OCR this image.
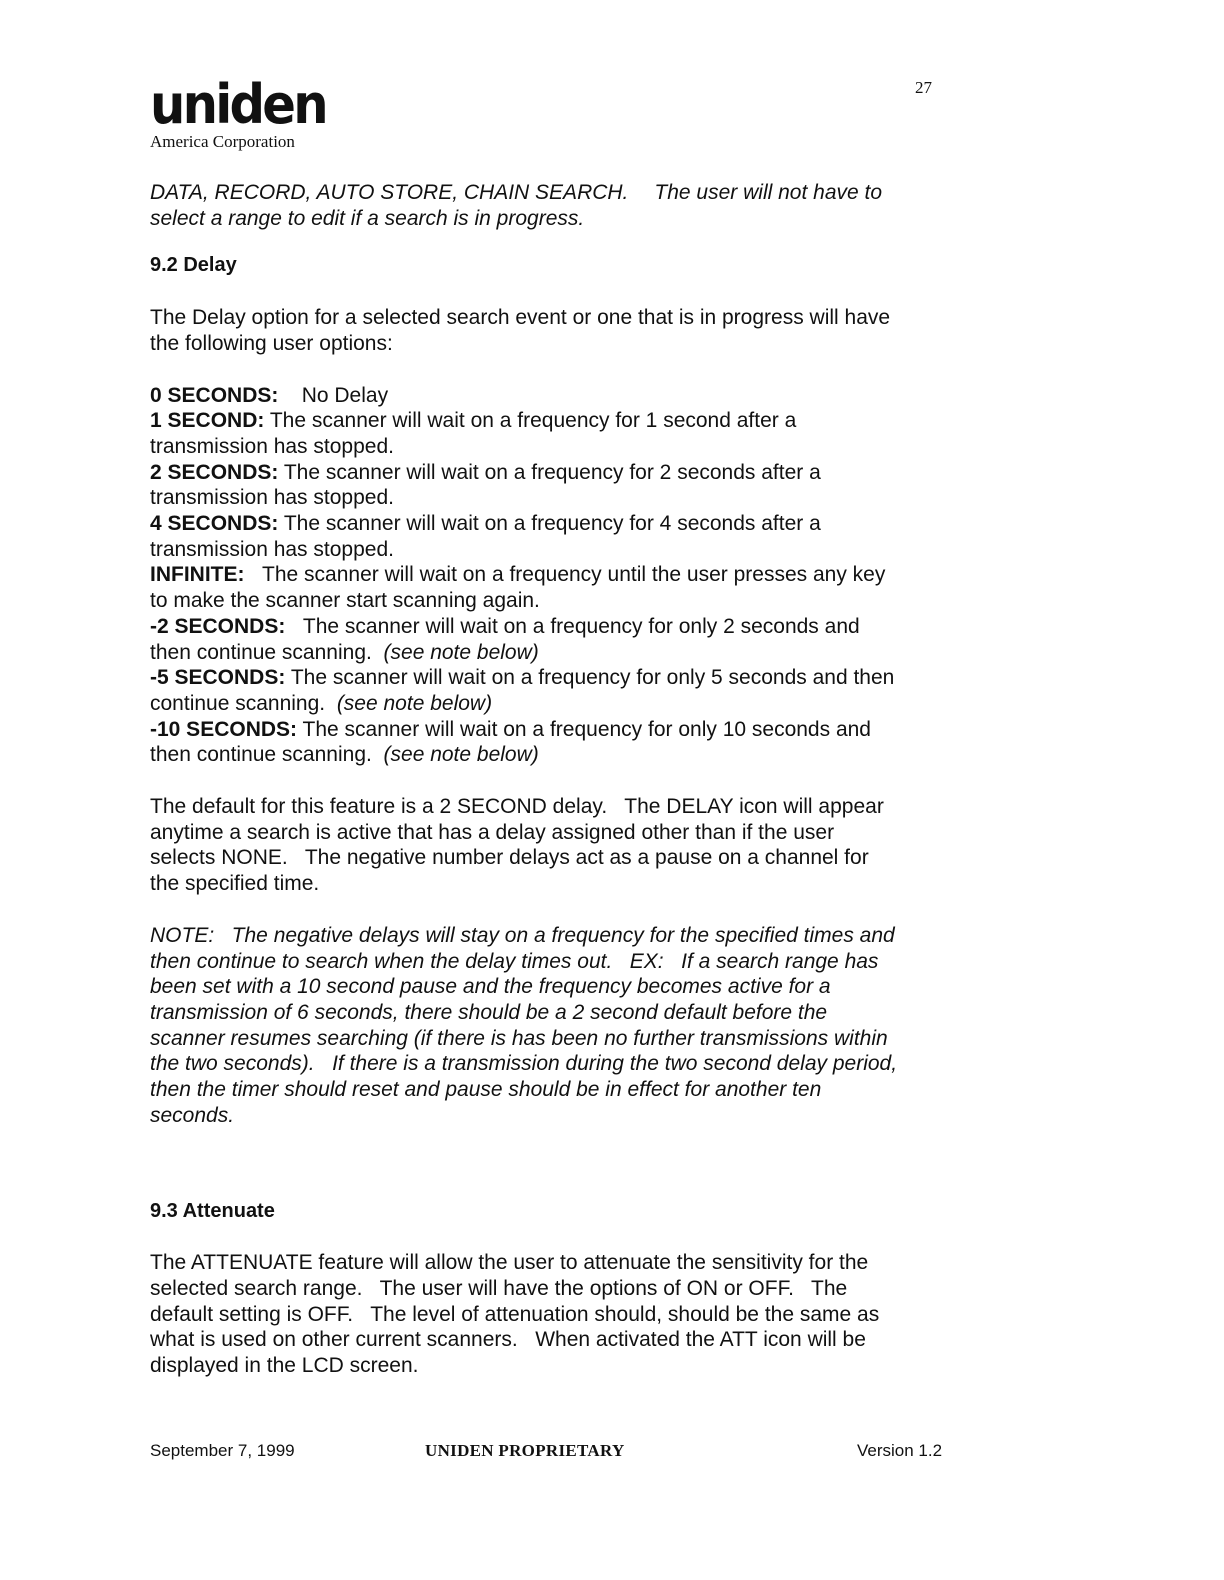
uniden
America Corporation
27

DATA, RECORD, AUTO STORE, CHAIN SEARCH. The user will not have to

select a range to edit if a search is in progress.

9.2 Delay

The Delay option for a selected search event or one that is in progress will have

the following user options:

0 SECONDS: No Delay

1 SECOND: The scanner will wait on a frequency for 1 second after a

transmission has stopped.

2 SECONDS: The scanner will wait on a frequency for 2 seconds after a

transmission has stopped.

4 SECONDS: The scanner will wait on a frequency for 4 seconds after a

transmission has stopped.

INFINITE: The scanner will wait on a frequency until the user presses any key

to make the scanner start scanning again.

-2 SECONDS: The scanner will wait on a frequency for only 2 seconds and

then continue scanning. (see note below)

-5 SECONDS: The scanner will wait on a frequency for only 5 seconds and then

continue scanning. (see note below)

-10 SECONDS: The scanner will wait on a frequency for only 10 seconds and

then continue scanning. (see note below)

The default for this feature is a 2 SECOND delay.   The DELAY icon will appear

anytime a search is active that has a delay assigned other than if the user

selects NONE.   The negative number delays act as a pause on a channel for

the specified time.

NOTE:   The negative delays will stay on a frequency for the specified times and

then continue to search when the delay times out.   EX:   If a search range has

been set with a 10 second pause and the frequency becomes active for a

transmission of 6 seconds, there should be a 2 second default before the

scanner resumes searching (if there is has been no further transmissions within

the two seconds).   If there is a transmission during the two second delay period,

then the timer should reset and pause should be in effect for another ten

seconds.

9.3 Attenuate

The ATTENUATE feature will allow the user to attenuate the sensitivity for the

selected search range.   The user will have the options of ON or OFF.   The

default setting is OFF.   The level of attenuation should, should be the same as

what is used on other current scanners.   When activated the ATT icon will be

displayed in the LCD screen.

September 7, 1999	UNIDEN PROPRIETARY	Version 1.2
